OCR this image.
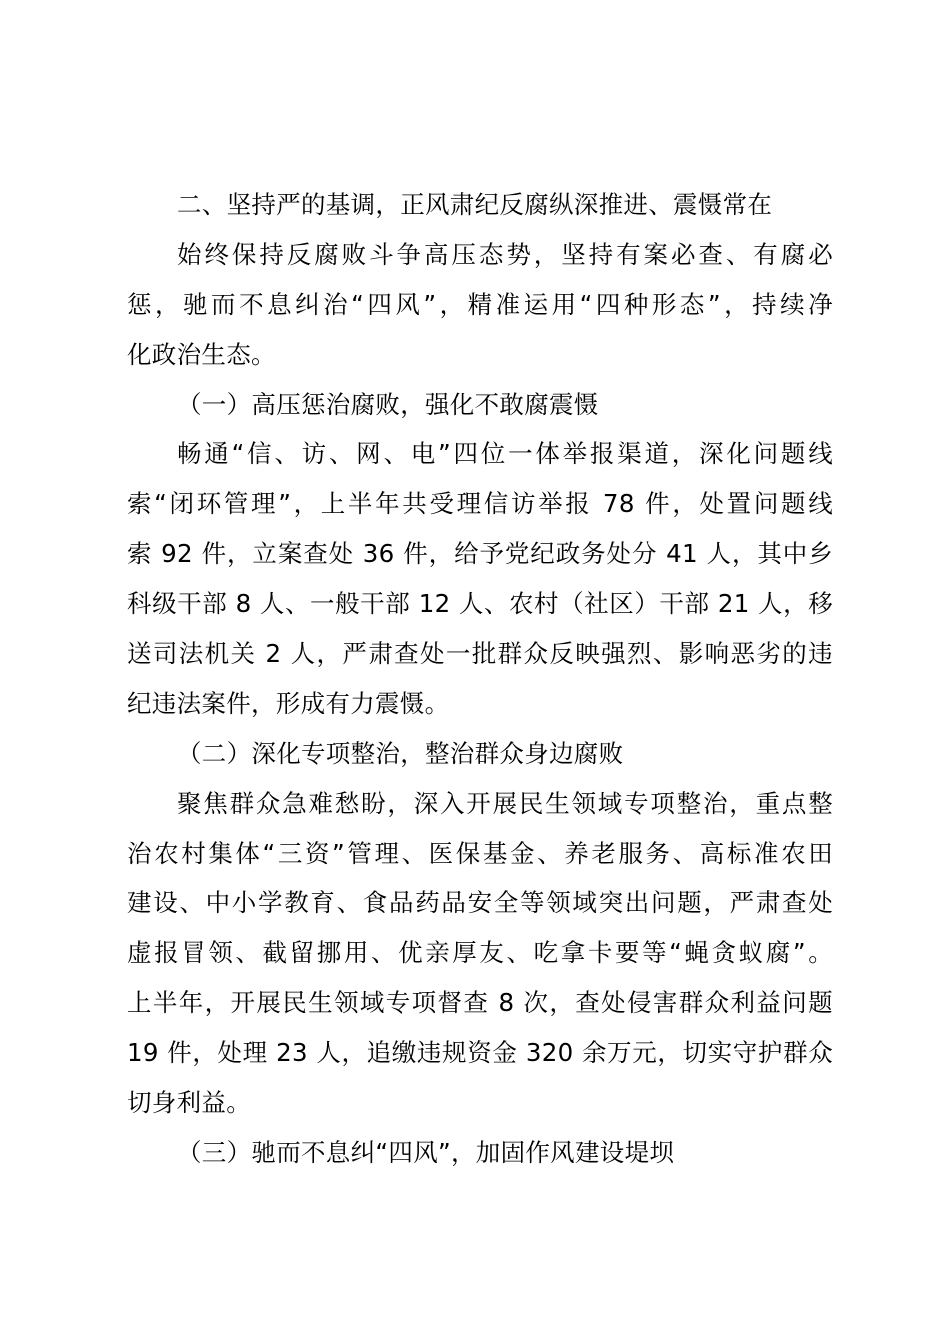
二、坚持严的基调，正风肃纪反腐纵深推进、震慑常在
始终保持反腐败斗争高压态势，坚持有案必查、有腐必
惩，驰而不息纠治“四风”，精准运用“四种形态”，持续净
化政治生态。
（一）高压惩治腐败，强化不敢腐震慑
畅通“信、访、网、电”四位一体举报渠道，深化问题线
索“闭环管理”，上半年共受理信访举报 78 件，处置问题线
索 92 件，立案查处 36 件，给予党纪政务处分 41 人，其中乡
科级干部 8 人、一般干部 12 人、农村（社区）干部 21 人，移
送司法机关 2 人，严肃查处一批群众反映强烈、影响恶劣的违
纪违法案件，形成有力震慑。
（二）深化专项整治，整治群众身边腐败
聚焦群众急难愁盼，深入开展民生领域专项整治，重点整
治农村集体“三资”管理、医保基金、养老服务、高标准农田
建设、中小学教育、食品药品安全等领域突出问题，严肃查处
虚报冒领、截留挪用、优亲厚友、吃拿卡要等“蝇贪蚁腐”。
上半年，开展民生领域专项督查 8 次，查处侵害群众利益问题
19 件，处理 23 人，追缴违规资金 320 余万元，切实守护群众
切身利益。
（三）驰而不息纠“四风”，加固作风建设堤坝
